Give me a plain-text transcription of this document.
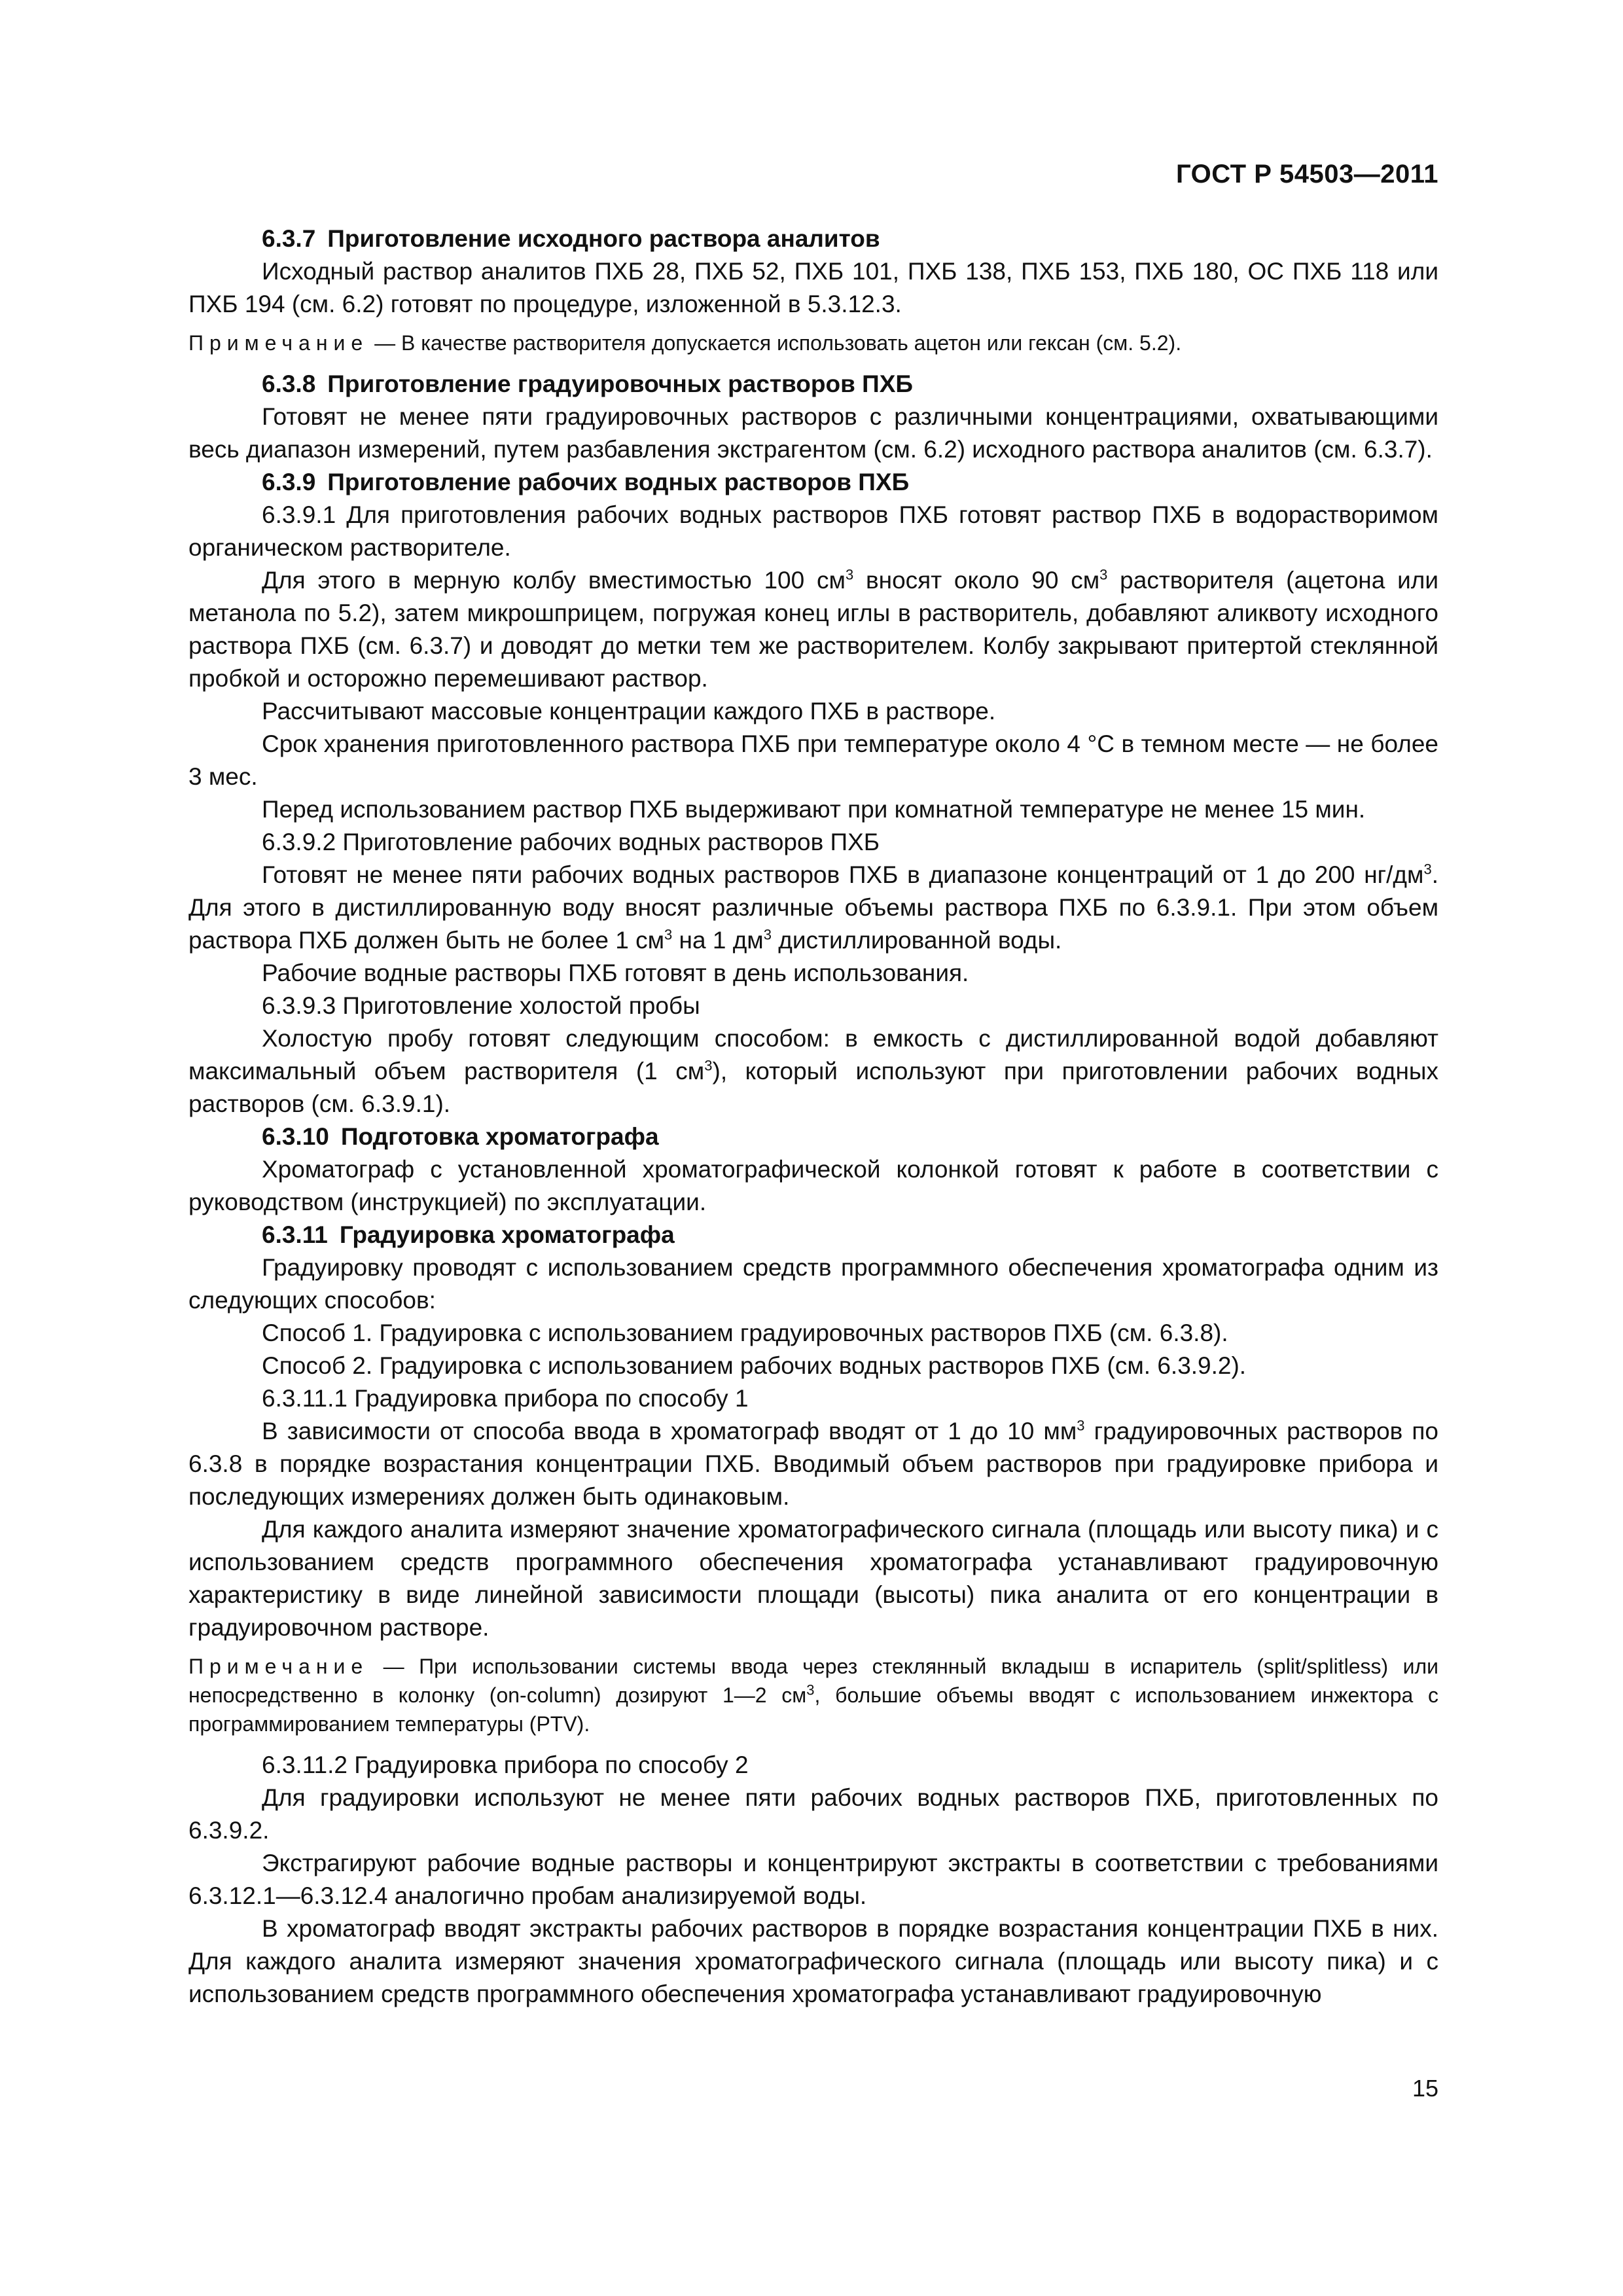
ГОСТ Р 54503—2011

6.3.7 Приготовление исходного раствора аналитов

Исходный раствор аналитов ПХБ 28, ПХБ 52, ПХБ 101, ПХБ 138, ПХБ 153, ПХБ 180, ОС ПХБ 118 или ПХБ 194 (см. 6.2) готовят по процедуре, изложенной в 5.3.12.3.

Примечание — В качестве растворителя допускается использовать ацетон или гексан (см. 5.2).

6.3.8 Приготовление градуировочных растворов ПХБ

Готовят не менее пяти градуировочных растворов с различными концентрациями, охватывающими весь диапазон измерений, путем разбавления экстрагентом (см. 6.2) исходного раствора аналитов (см. 6.3.7).

6.3.9 Приготовление рабочих водных растворов ПХБ

6.3.9.1 Для приготовления рабочих водных растворов ПХБ готовят раствор ПХБ в водорастворимом органическом растворителе.

Для этого в мерную колбу вместимостью 100 $см^3$ вносят около 90 $см^3$ растворителя (ацетона или метанола по 5.2), затем микрошприцем, погружая конец иглы в растворитель, добавляют аликвоту исходного раствора ПХБ (см. 6.3.7) и доводят до метки тем же растворителем. Колбу закрывают притертой стеклянной пробкой и осторожно перемешивают раствор.

Рассчитывают массовые концентрации каждого ПХБ в растворе.

Срок хранения приготовленного раствора ПХБ при температуре около 4 °С в темном месте — не более 3 мес.

Перед использованием раствор ПХБ выдерживают при комнатной температуре не менее 15 мин.

6.3.9.2 Приготовление рабочих водных растворов ПХБ

Готовят не менее пяти рабочих водных растворов ПХБ в диапазоне концентраций от 1 до 200 $нг/дм^3$. Для этого в дистиллированную воду вносят различные объемы раствора ПХБ по 6.3.9.1. При этом объем раствора ПХБ должен быть не более 1 $см^3$ на 1 $дм^3$ дистиллированной воды.

Рабочие водные растворы ПХБ готовят в день использования.

6.3.9.3 Приготовление холостой пробы

Холостую пробу готовят следующим способом: в емкость с дистиллированной водой добавляют максимальный объем растворителя (1 $см^3$), который используют при приготовлении рабочих водных растворов (см. 6.3.9.1).

6.3.10 Подготовка хроматографа

Хроматограф с установленной хроматографической колонкой готовят к работе в соответствии с руководством (инструкцией) по эксплуатации.

6.3.11 Градуировка хроматографа

Градуировку проводят с использованием средств программного обеспечения хроматографа одним из следующих способов:

Способ 1. Градуировка с использованием градуировочных растворов ПХБ (см. 6.3.8).

Способ 2. Градуировка с использованием рабочих водных растворов ПХБ (см. 6.3.9.2).

6.3.11.1 Градуировка прибора по способу 1

В зависимости от способа ввода в хроматограф вводят от 1 до 10 $мм^3$ градуировочных растворов по 6.3.8 в порядке возрастания концентрации ПХБ. Вводимый объем растворов при градуировке прибора и последующих измерениях должен быть одинаковым.

Для каждого аналита измеряют значение хроматографического сигнала (площадь или высоту пика) и с использованием средств программного обеспечения хроматографа устанавливают градуировочную характеристику в виде линейной зависимости площади (высоты) пика аналита от его концентрации в градуировочном растворе.

Примечание — При использовании системы ввода через стеклянный вкладыш в испаритель (split/splitless) или непосредственно в колонку (on-column) дозируют 1—2 $см^3$, большие объемы вводят с использованием инжектора с программированием температуры (PTV).

6.3.11.2 Градуировка прибора по способу 2

Для градуировки используют не менее пяти рабочих водных растворов ПХБ, приготовленных по 6.3.9.2.

Экстрагируют рабочие водные растворы и концентрируют экстракты в соответствии с требованиями 6.3.12.1—6.3.12.4 аналогично пробам анализируемой воды.

В хроматограф вводят экстракты рабочих растворов в порядке возрастания концентрации ПХБ в них. Для каждого аналита измеряют значения хроматографического сигнала (площадь или высоту пика) и с использованием средств программного обеспечения хроматографа устанавливают градуировочную

15
